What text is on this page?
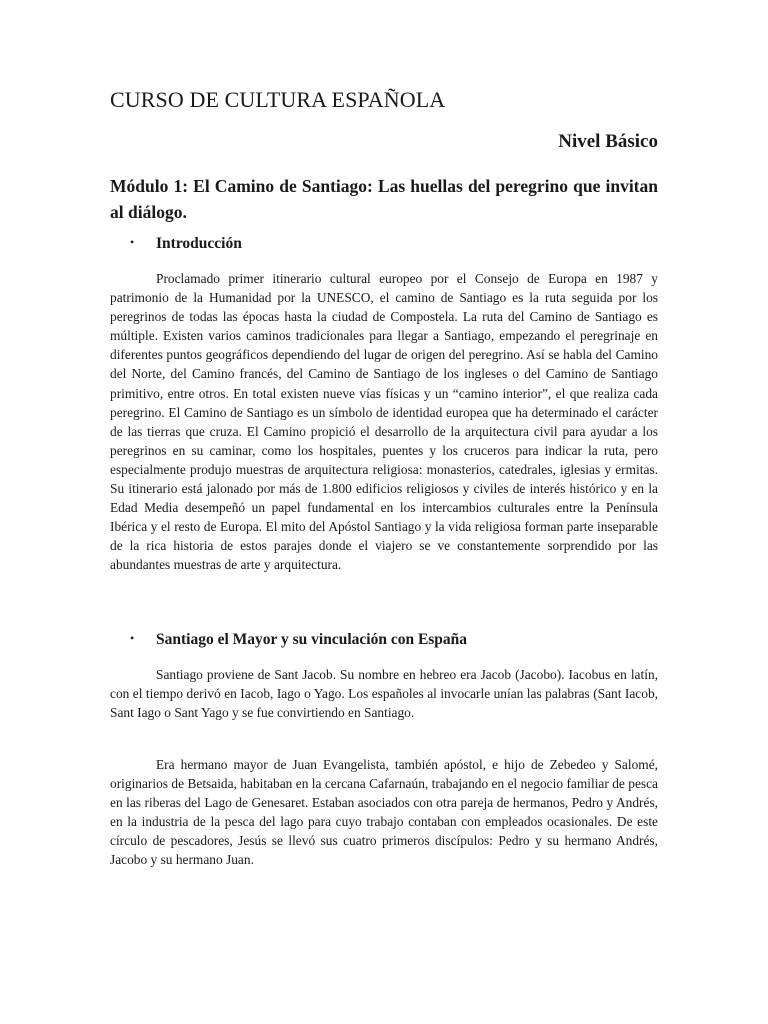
CURSO DE CULTURA ESPAÑOLA
Nivel Básico
Módulo 1: El Camino de Santiago: Las huellas del peregrino que invitan al diálogo.
• Introducción

Proclamado primer itinerario cultural europeo por el Consejo de Europa en 1987 y patrimonio de la Humanidad por la UNESCO, el camino de Santiago es la ruta seguida por los peregrinos de todas las épocas hasta la ciudad de Compostela. La ruta del Camino de Santiago es múltiple. Existen varios caminos tradicionales para llegar a Santiago, empezando el peregrinaje en diferentes puntos geográficos dependiendo del lugar de origen del peregrino. Así se habla del Camino del Norte, del Camino francés, del Camino de Santiago de los ingleses o del Camino de Santiago primitivo, entre otros. En total existen nueve vías físicas y un “camino interior”, el que realiza cada peregrino. El Camino de Santiago es un símbolo de identidad europea que ha determinado el carácter de las tierras que cruza. El Camino propició el desarrollo de la arquitectura civil para ayudar a los peregrinos en su caminar, como los hospitales, puentes y los cruceros para indicar la ruta, pero especialmente produjo muestras de arquitectura religiosa: monasterios, catedrales, iglesias y ermitas. Su itinerario está jalonado por más de 1.800 edificios religiosos y civiles de interés histórico y en la Edad Media desempeñó un papel fundamental en los intercambios culturales entre la Península Ibérica y el resto de Europa. El mito del Apóstol Santiago y la vida religiosa forman parte inseparable de la rica historia de estos parajes donde el viajero se ve constantemente sorprendido por las abundantes muestras de arte y arquitectura.

• Santiago el Mayor y su vinculación con España

Santiago proviene de Sant Jacob. Su nombre en hebreo era Jacob (Jacobo). Iacobus en latín, con el tiempo derivó en Iacob, Iago o Yago. Los españoles al invocarle unían las palabras (Sant Iacob, Sant Iago o Sant Yago y se fue convirtiendo en Santiago.

Era hermano mayor de Juan Evangelista, también apóstol, e hijo de Zebedeo y Salomé, originarios de Betsaida, habitaban en la cercana Cafarnaún, trabajando en el negocio familiar de pesca en las riberas del Lago de Genesaret. Estaban asociados con otra pareja de hermanos, Pedro y Andrés, en la industria de la pesca del lago para cuyo trabajo contaban con empleados ocasionales. De este círculo de pescadores, Jesús se llevó sus cuatro primeros discípulos: Pedro y su hermano Andrés, Jacobo y su hermano Juan.
